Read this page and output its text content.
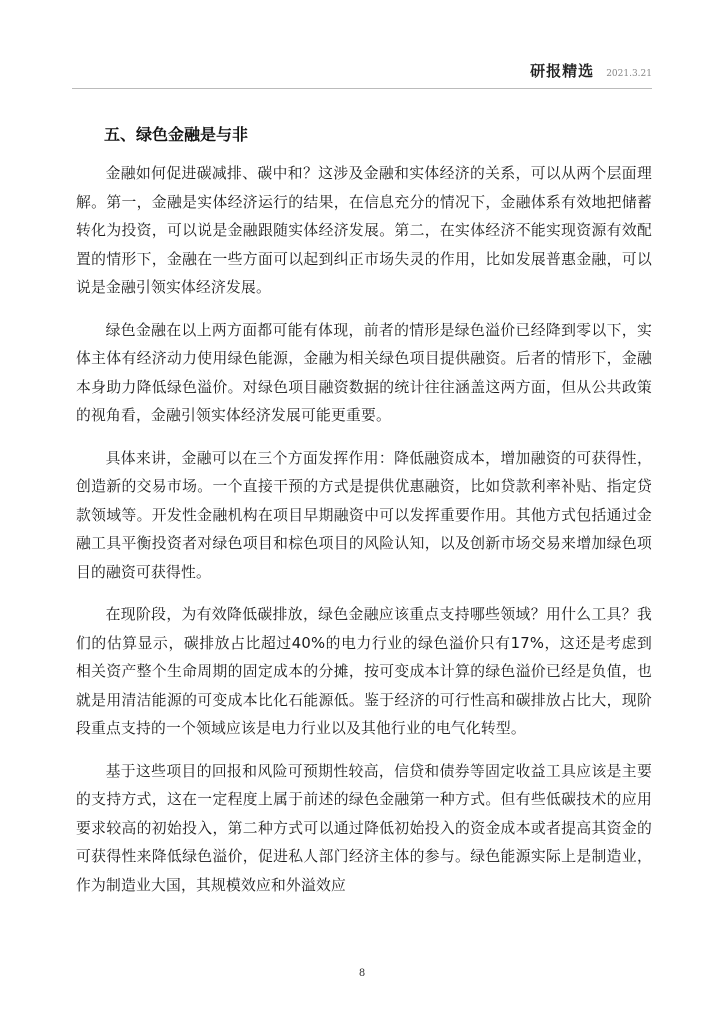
研报精选 2021.3.21
五、绿色金融是与非

金融如何促进碳减排、碳中和？这涉及金融和实体经济的关系，可以从两个层面理解。第一，金融是实体经济运行的结果，在信息充分的情况下，金融体系有效地把储蓄转化为投资，可以说是金融跟随实体经济发展。第二，在实体经济不能实现资源有效配置的情形下，金融在一些方面可以起到纠正市场失灵的作用，比如发展普惠金融，可以说是金融引领实体经济发展。

绿色金融在以上两方面都可能有体现，前者的情形是绿色溢价已经降到零以下，实体主体有经济动力使用绿色能源，金融为相关绿色项目提供融资。后者的情形下，金融本身助力降低绿色溢价。对绿色项目融资数据的统计往往涵盖这两方面，但从公共政策的视角看，金融引领实体经济发展可能更重要。

具体来讲，金融可以在三个方面发挥作用：降低融资成本，增加融资的可获得性，创造新的交易市场。一个直接干预的方式是提供优惠融资，比如贷款利率补贴、指定贷款领域等。开发性金融机构在项目早期融资中可以发挥重要作用。其他方式包括通过金融工具平衡投资者对绿色项目和棕色项目的风险认知，以及创新市场交易来增加绿色项目的融资可获得性。

在现阶段，为有效降低碳排放，绿色金融应该重点支持哪些领域？用什么工具？我们的估算显示，碳排放占比超过40%的电力行业的绿色溢价只有17%，这还是考虑到相关资产整个生命周期的固定成本的分摊，按可变成本计算的绿色溢价已经是负值，也就是用清洁能源的可变成本比化石能源低。鉴于经济的可行性高和碳排放占比大，现阶段重点支持的一个领域应该是电力行业以及其他行业的电气化转型。

基于这些项目的回报和风险可预期性较高，信贷和债券等固定收益工具应该是主要的支持方式，这在一定程度上属于前述的绿色金融第一种方式。但有些低碳技术的应用要求较高的初始投入，第二种方式可以通过降低初始投入的资金成本或者提高其资金的可获得性来降低绿色溢价，促进私人部门经济主体的参与。绿色能源实际上是制造业，作为制造业大国，其规模效应和外溢效应

8
